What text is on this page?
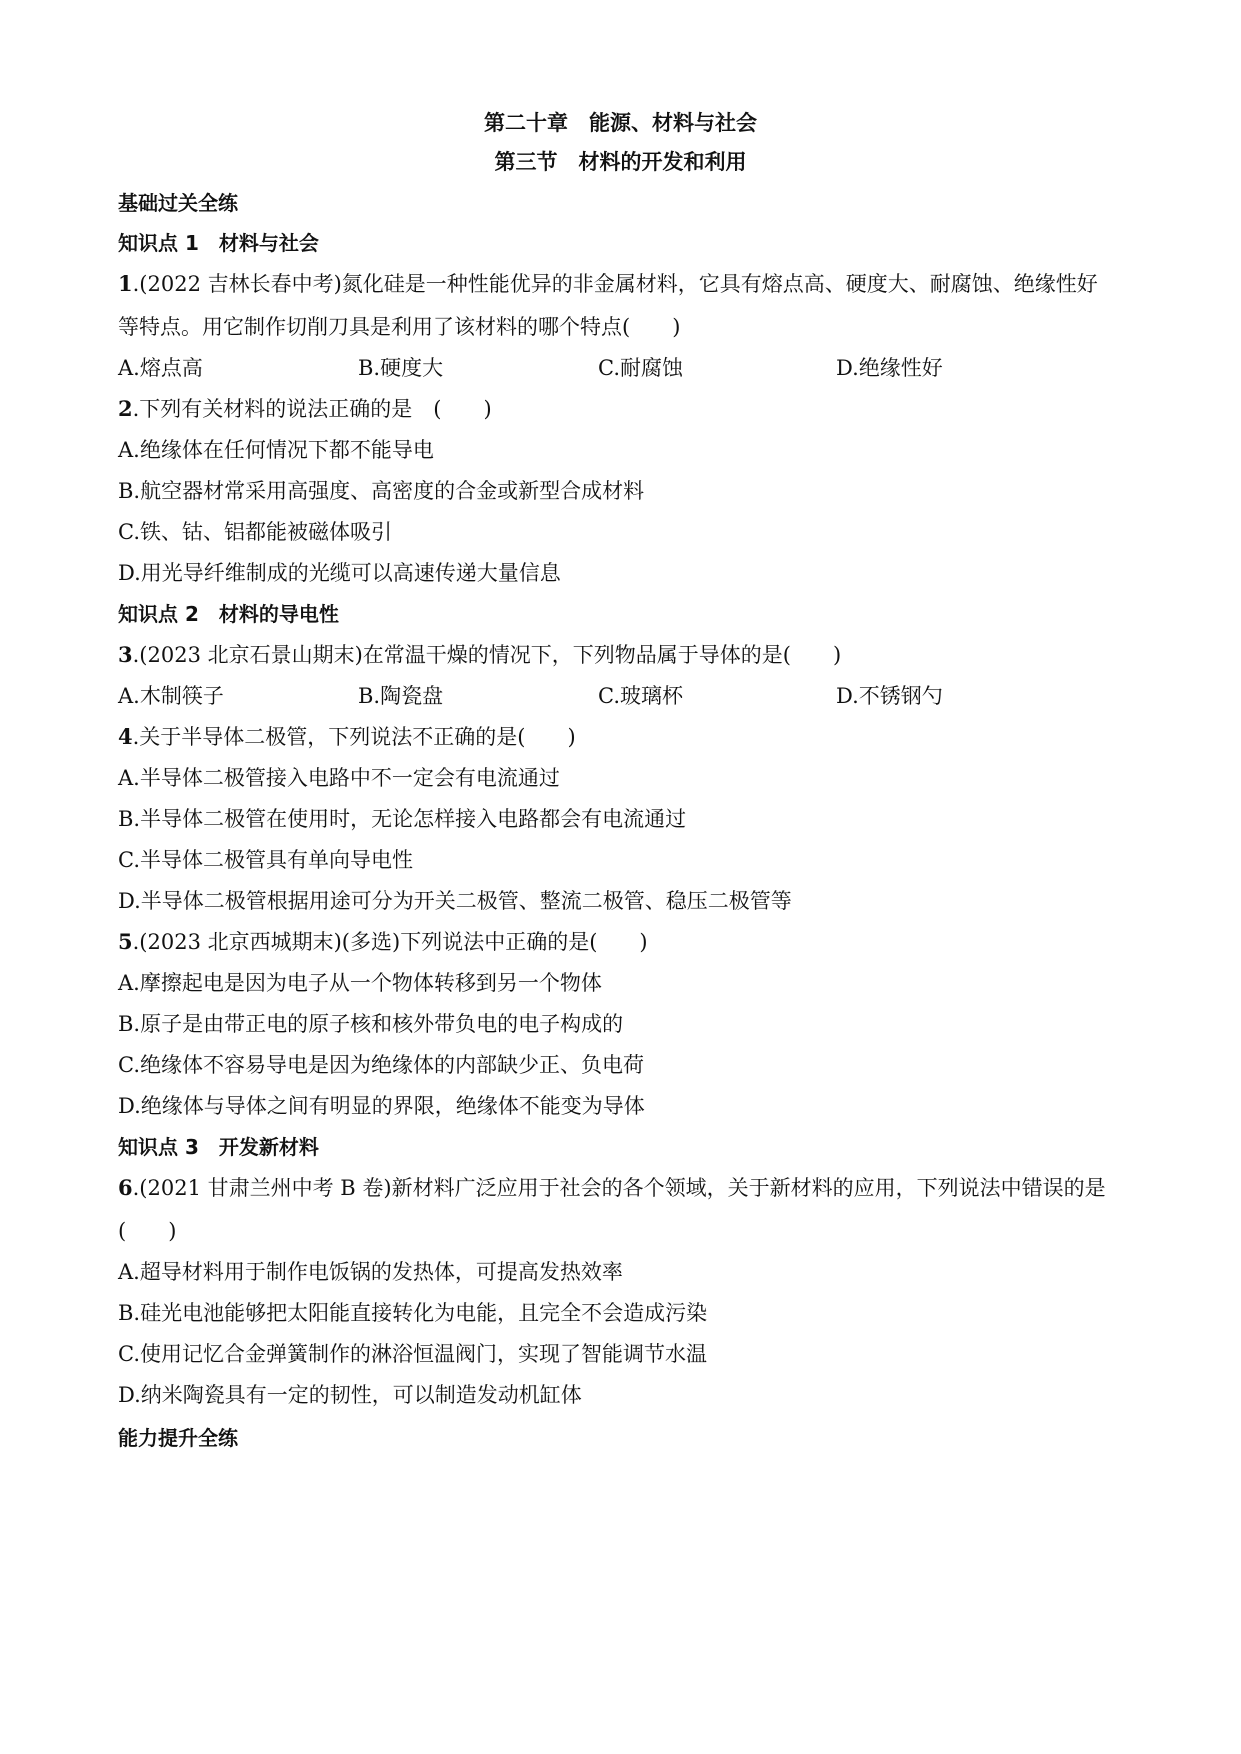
第二十章　能源、材料与社会
第三节　材料的开发和利用
基础过关全练
知识点 1　材料与社会
1.(2022 吉林长春中考)氮化硅是一种性能优异的非金属材料，它具有熔点高、硬度大、耐腐蚀、绝缘性好
等特点。用它制作切削刀具是利用了该材料的哪个特点(　　)
A.熔点高	B.硬度大	C.耐腐蚀	D.绝缘性好
2.下列有关材料的说法正确的是　(　　)
A.绝缘体在任何情况下都不能导电
B.航空器材常采用高强度、高密度的合金或新型合成材料
C.铁、钴、铝都能被磁体吸引
D.用光导纤维制成的光缆可以高速传递大量信息
知识点 2　材料的导电性
3.(2023 北京石景山期末)在常温干燥的情况下，下列物品属于导体的是(　　)
A.木制筷子	B.陶瓷盘	C.玻璃杯	D.不锈钢勺
4.关于半导体二极管，下列说法不正确的是(　　)
A.半导体二极管接入电路中不一定会有电流通过
B.半导体二极管在使用时，无论怎样接入电路都会有电流通过
C.半导体二极管具有单向导电性
D.半导体二极管根据用途可分为开关二极管、整流二极管、稳压二极管等
5.(2023 北京西城期末)(多选)下列说法中正确的是(　　)
A.摩擦起电是因为电子从一个物体转移到另一个物体
B.原子是由带正电的原子核和核外带负电的电子构成的
C.绝缘体不容易导电是因为绝缘体的内部缺少正、负电荷
D.绝缘体与导体之间有明显的界限，绝缘体不能变为导体
知识点 3　开发新材料
6.(2021 甘肃兰州中考 B 卷)新材料广泛应用于社会的各个领域，关于新材料的应用，下列说法中错误的是
(　　)
A.超导材料用于制作电饭锅的发热体，可提高发热效率
B.硅光电池能够把太阳能直接转化为电能，且完全不会造成污染
C.使用记忆合金弹簧制作的淋浴恒温阀门，实现了智能调节水温
D.纳米陶瓷具有一定的韧性，可以制造发动机缸体
能力提升全练
